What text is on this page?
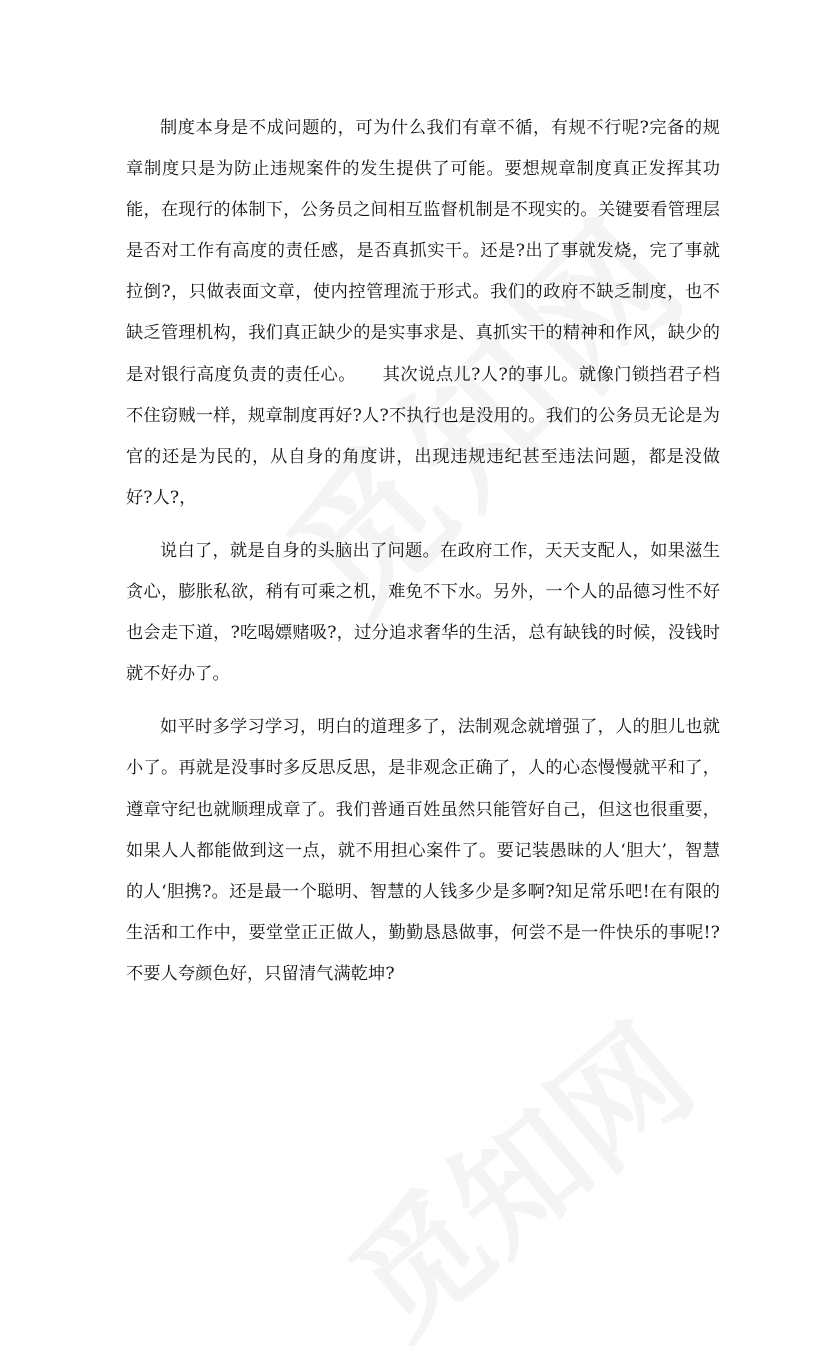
制度本身是不成问题的，可为什么我们有章不循，有规不行呢?完备的规章制度只是为防止违规案件的发生提供了可能。要想规章制度真正发挥其功能，在现行的体制下，公务员之间相互监督机制是不现实的。关键要看管理层是否对工作有高度的责任感，是否真抓实干。还是?出了事就发烧，完了事就拉倒?，只做表面文章，使内控管理流于形式。我们的政府不缺乏制度，也不缺乏管理机构，我们真正缺少的是实事求是、真抓实干的精神和作风，缺少的是对银行高度负责的责任心。　　其次说点儿?人?的事儿。就像门锁挡君子档不住窃贼一样，规章制度再好?人?不执行也是没用的。我们的公务员无论是为官的还是为民的，从自身的角度讲，出现违规违纪甚至违法问题，都是没做好?人?，

说白了，就是自身的头脑出了问题。在政府工作，天天支配人，如果滋生贪心，膨胀私欲，稍有可乘之机，难免不下水。另外，一个人的品德习性不好也会走下道，?吃喝嫖赌吸?，过分追求奢华的生活，总有缺钱的时候，没钱时就不好办了。

如平时多学习学习，明白的道理多了，法制观念就增强了，人的胆儿也就小了。再就是没事时多反思反思，是非观念正确了，人的心态慢慢就平和了，遵章守纪也就顺理成章了。我们普通百姓虽然只能管好自己，但这也很重要，如果人人都能做到这一点，就不用担心案件了。要记装愚昧的人‘胆大’，智慧的人‘胆携?。还是最一个聪明、智慧的人钱多少是多啊?知足常乐吧!在有限的生活和工作中，要堂堂正正做人，勤勤恳恳做事，何尝不是一件快乐的事呢!?不要人夸颜色好，只留清气满乾坤?
